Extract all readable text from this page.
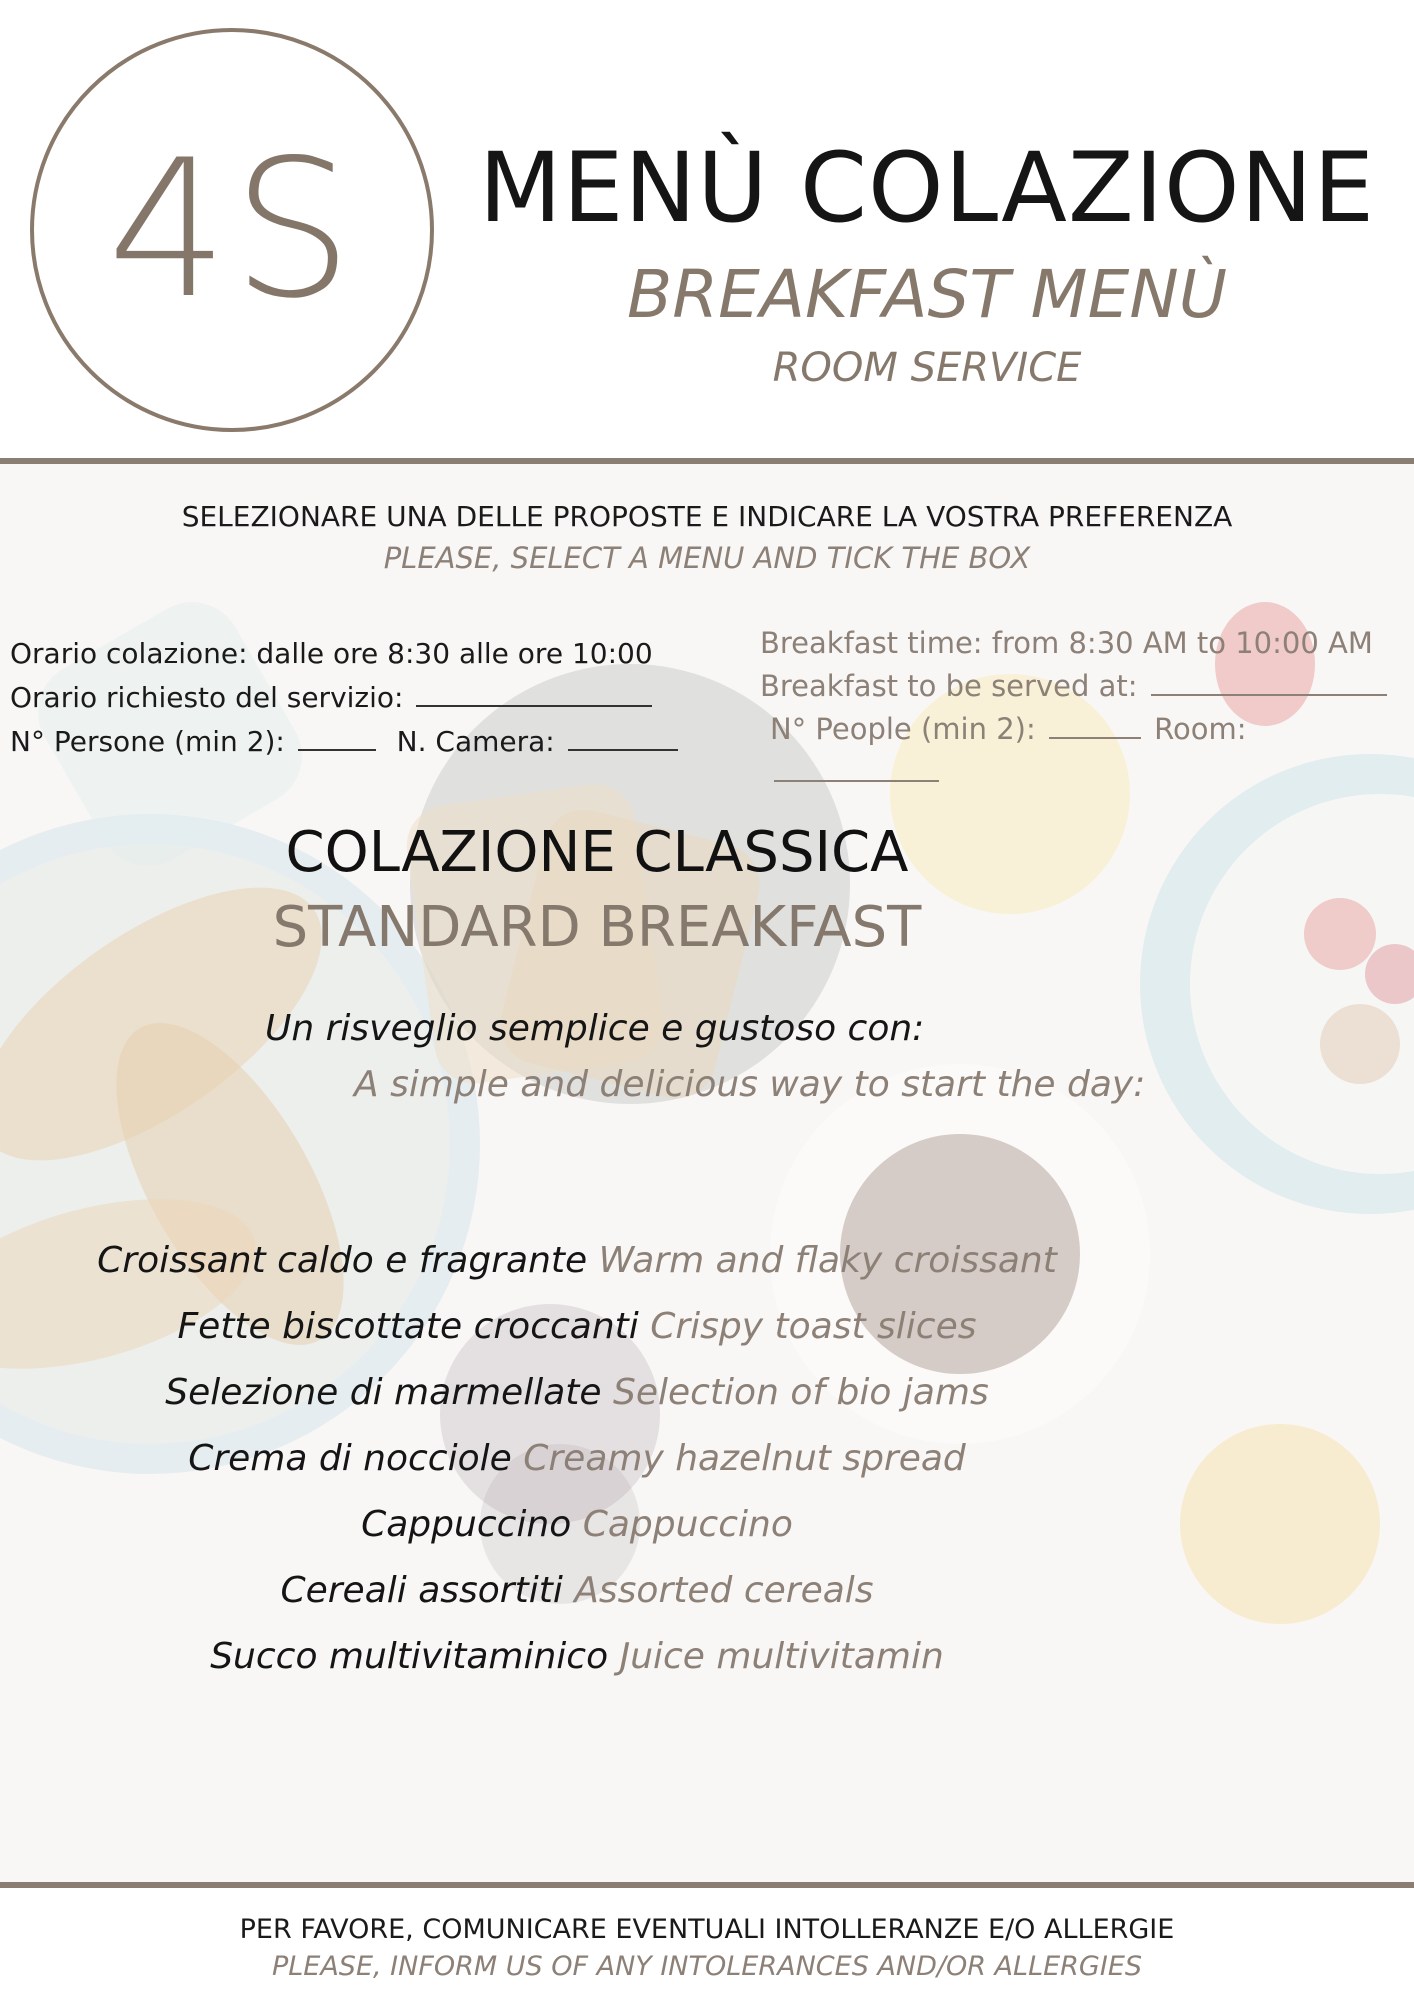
4S	MENÙ COLAZIONE
BREAKFAST MENÙ
ROOM SERVICE
SELEZIONARE UNA DELLE PROPOSTE E INDICARE LA VOSTRA PREFERENZA
PLEASE, SELECT A MENU AND TICK THE BOX
Orario colazione: dalle ore 8:30 alle ore 10:00
Orario richiesto del servizio:
N° Persone (min 2):	N. Camera:
Breakfast time: from 8:30 AM to 10:00 AM
Breakfast to be served at:
N° People (min 2):	Room:
COLAZIONE CLASSICA
STANDARD BREAKFAST
Un risveglio semplice e gustoso con:
A simple and delicious way to start the day:
Croissant caldo e fragrante Warm and flaky croissant
Fette biscottate croccanti Crispy toast slices
Selezione di marmellate Selection of bio jams
Crema di nocciole Creamy hazelnut spread
Cappuccino Cappuccino
Cereali assortiti Assorted cereals
Succo multivitaminico Juice multivitamin
PER FAVORE, COMUNICARE EVENTUALI INTOLLERANZE E/O ALLERGIE
PLEASE, INFORM US OF ANY INTOLERANCES AND/OR ALLERGIES
